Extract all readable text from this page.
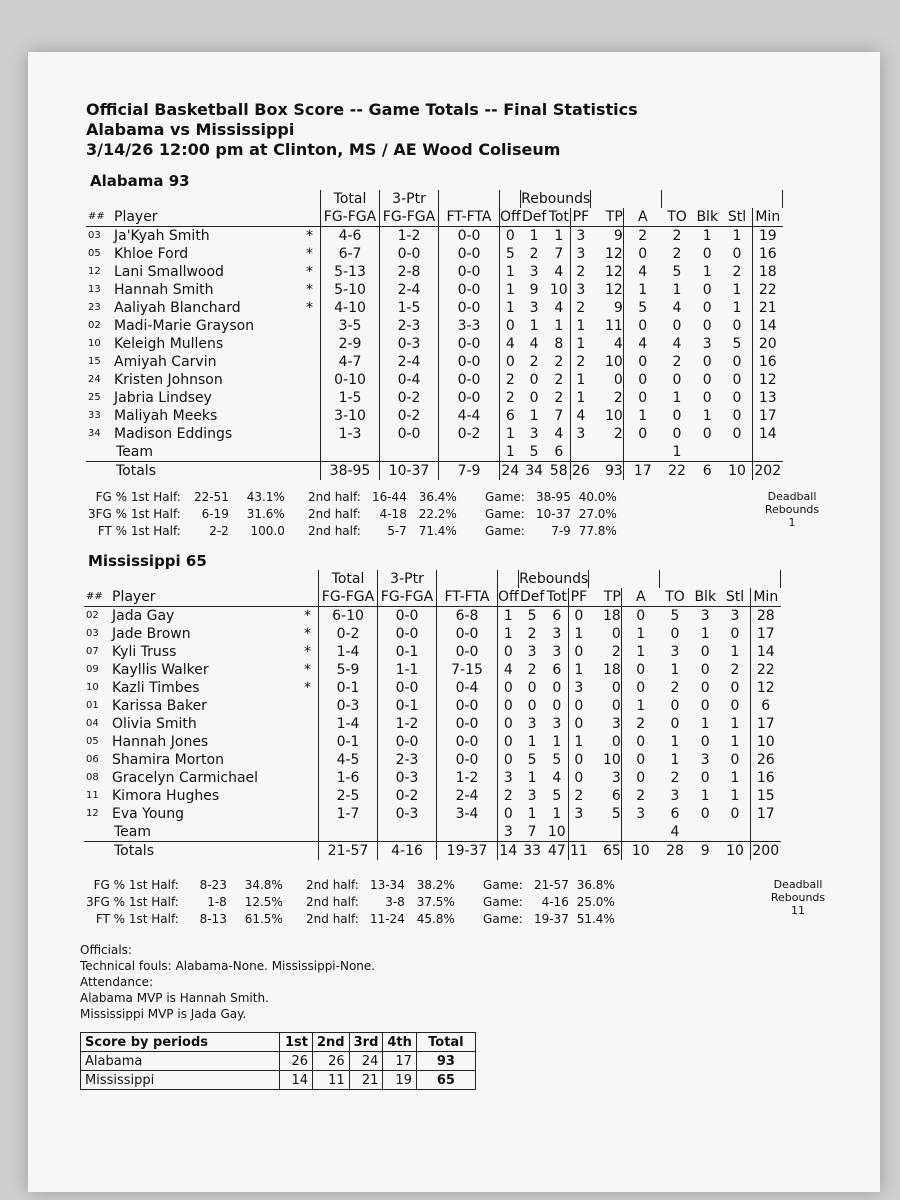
Official Basketball Box Score -- Game Totals -- Final Statistics
Alabama vs Mississippi
3/14/26 12:00 pm at Clinton, MS / AE Wood Coliseum
Alabama 93
			Total	3-Ptr			Rebounds									
##	Player		FG-FGA	FG-FGA	FT-FTA	Off	Def	Tot	PF	TP	A	TO	Blk	Stl	Min	
03	Ja'Kyah Smith	*	4-6	1-2	0-0	0	1	1	3	9	2	2	1	1	19	
05	Khloe Ford	*	6-7	0-0	0-0	5	2	7	3	12	0	2	0	0	16	
12	Lani Smallwood	*	5-13	2-8	0-0	1	3	4	2	12	4	5	1	2	18	
13	Hannah Smith	*	5-10	2-4	0-0	1	9	10	3	12	1	1	0	1	22	
23	Aaliyah Blanchard	*	4-10	1-5	0-0	1	3	4	2	9	5	4	0	1	21	
02	Madi-Marie Grayson		3-5	2-3	3-3	0	1	1	1	11	0	0	0	0	14	
10	Keleigh Mullens		2-9	0-3	0-0	4	4	8	1	4	4	4	3	5	20	
15	Amiyah Carvin		4-7	2-4	0-0	0	2	2	2	10	0	2	0	0	16	
24	Kristen Johnson		0-10	0-4	0-0	2	0	2	1	0	0	0	0	0	12	
25	Jabria Lindsey		1-5	0-2	0-0	2	0	2	1	2	0	1	0	0	13	
33	Maliyah Meeks		3-10	0-2	4-4	6	1	7	4	10	1	0	1	0	17	
34	Madison Eddings		1-3	0-0	0-2	1	3	4	3	2	0	0	0	0	14	
	Team					1	5	6				1				
	Totals		38-95	10-37	7-9	24	34	58	26	93	17	22	6	10	202	
FG % 1st Half:	22-51	43.1%	2nd half:	16-44	36.4%	Game:	38-95	40.0%
3FG % 1st Half:	6-19	31.6%	2nd half:	4-18	22.2%	Game:	10-37	27.0%
FT % 1st Half:	2-2	100.0	2nd half:	5-7	71.4%	Game:	7-9	77.8%
Deadball
Rebounds
1
Mississippi 65
			Total	3-Ptr			Rebounds									
##	Player		FG-FGA	FG-FGA	FT-FTA	Off	Def	Tot	PF	TP	A	TO	Blk	Stl	Min	
02	Jada Gay	*	6-10	0-0	6-8	1	5	6	0	18	0	5	3	3	28	
03	Jade Brown	*	0-2	0-0	0-0	1	2	3	1	0	1	0	1	0	17	
07	Kyli Truss	*	1-4	0-1	0-0	0	3	3	0	2	1	3	0	1	14	
09	Kayllis Walker	*	5-9	1-1	7-15	4	2	6	1	18	0	1	0	2	22	
10	Kazli Timbes	*	0-1	0-0	0-4	0	0	0	3	0	0	2	0	0	12	
01	Karissa Baker		0-3	0-1	0-0	0	0	0	0	0	1	0	0	0	6	
04	Olivia Smith		1-4	1-2	0-0	0	3	3	0	3	2	0	1	1	17	
05	Hannah Jones		0-1	0-0	0-0	0	1	1	1	0	0	1	0	1	10	
06	Shamira Morton		4-5	2-3	0-0	0	5	5	0	10	0	1	3	0	26	
08	Gracelyn Carmichael		1-6	0-3	1-2	3	1	4	0	3	0	2	0	1	16	
11	Kimora Hughes		2-5	0-2	2-4	2	3	5	2	6	2	3	1	1	15	
12	Eva Young		1-7	0-3	3-4	0	1	1	3	5	3	6	0	0	17	
	Team					3	7	10				4				
	Totals		21-57	4-16	19-37	14	33	47	11	65	10	28	9	10	200	
FG % 1st Half:	8-23	34.8%	2nd half:	13-34	38.2%	Game:	21-57	36.8%
3FG % 1st Half:	1-8	12.5%	2nd half:	3-8	37.5%	Game:	4-16	25.0%
FT % 1st Half:	8-13	61.5%	2nd half:	11-24	45.8%	Game:	19-37	51.4%
Deadball
Rebounds
11
Officials:
Technical fouls: Alabama-None. Mississippi-None.
Attendance:
Alabama MVP is Hannah Smith.
Mississippi MVP is Jada Gay.
Score by periods	1st	2nd	3rd	4th	Total
Alabama	26	26	24	17	93
Mississippi	14	11	21	19	65
